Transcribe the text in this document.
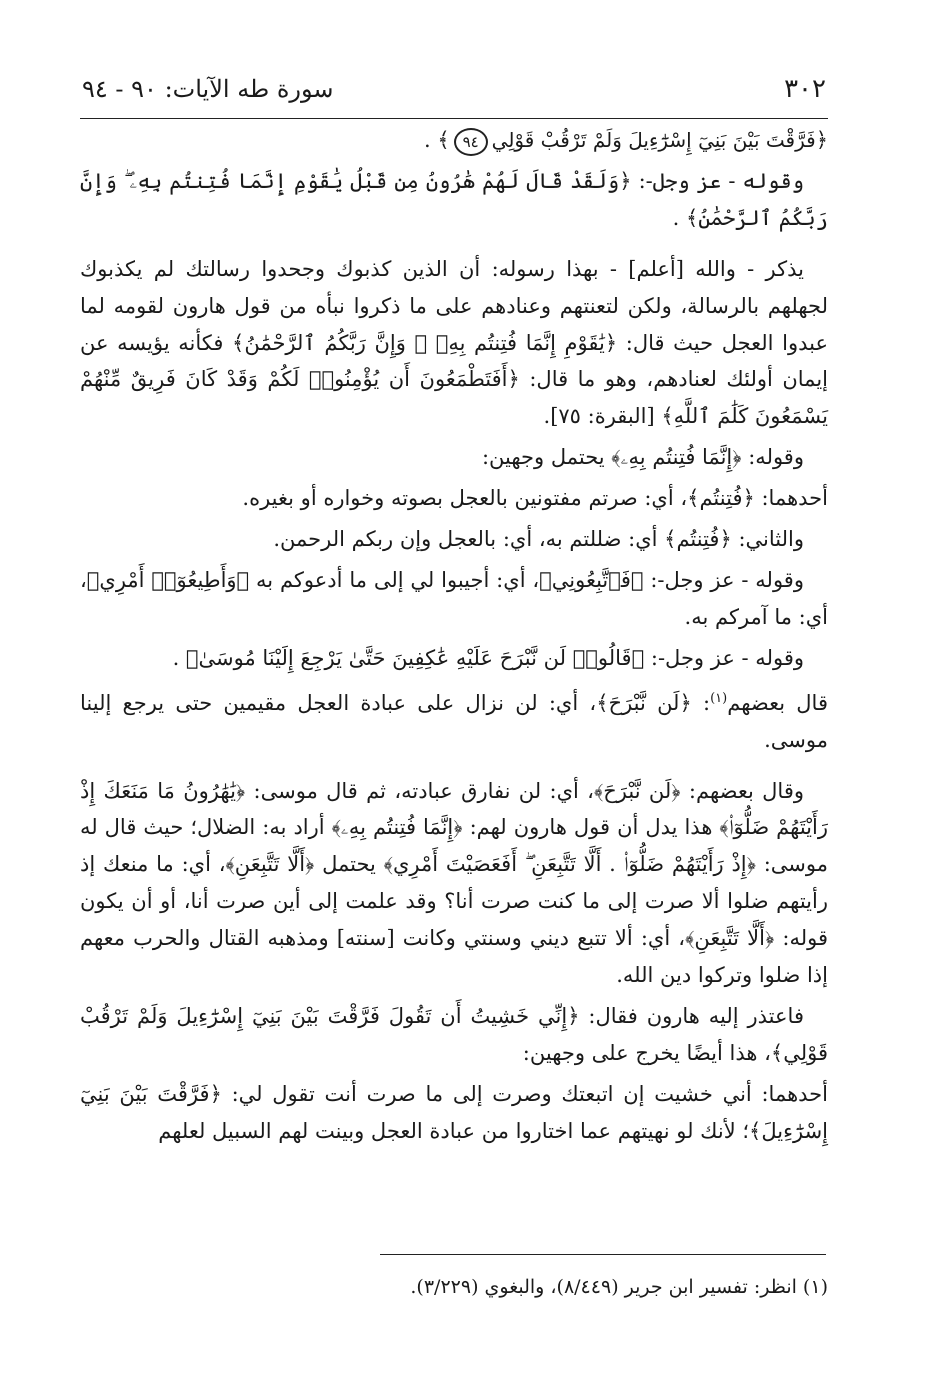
٣٠٢
سورة طه الآيات: ٩٠ - ٩٤

﴿فَرَّقْتَ بَيْنَ بَنِيٓ إِسْرَٰٓءِيلَ وَلَمْ تَرْقُبْ قَوْلِي٩٤﴾ .

وقوله - عز وجل-: ﴿وَلَقَدْ قَالَ لَهُمْ هَٰرُونُ مِن قَبْلُ يَٰقَوْمِ إِنَّمَا فُتِنتُم بِهِۦ ۖ وَإِنَّ رَبَّكُمُ ٱلرَّحْمَٰنُ﴾ .

يذكر - والله [أعلم] - بهذا رسوله: أن الذين كذبوك وجحدوا رسالتك لم يكذبوك لجهلهم بالرسالة، ولكن لتعنتهم وعنادهم على ما ذكروا نبأه من قول هارون لقومه لما عبدوا العجل حيث قال: ﴿يَٰقَوْمِ إِنَّمَا فُتِنتُم بِهِۦ ۖ وَإِنَّ رَبَّكُمُ ٱلرَّحْمَٰنُ﴾ فكأنه يؤيسه عن إيمان أولئك لعنادهم، وهو ما قال: ﴿أَفَتَطْمَعُونَ أَن يُؤْمِنُوا۟ لَكُمْ وَقَدْ كَانَ فَرِيقٌ مِّنْهُمْ يَسْمَعُونَ كَلَٰمَ ٱللَّهِ﴾ [البقرة: ٧٥].

وقوله: ﴿إِنَّمَا فُتِنتُم بِهِۦ﴾ يحتمل وجهين:

أحدهما: ﴿فُتِنتُم﴾، أي: صرتم مفتونين بالعجل بصوته وخواره أو بغيره.

والثاني: ﴿فُتِنتُم﴾ أي: ضللتم به، أي: بالعجل وإن ربكم الرحمن.

وقوله - عز وجل-: ﴿فَٱتَّبِعُونِي﴾، أي: أجيبوا لي إلى ما أدعوكم به ﴿وَأَطِيعُوٓا۟ أَمْرِي﴾، أي: ما آمركم به.

وقوله - عز وجل-: ﴿قَالُوا۟ لَن نَّبْرَحَ عَلَيْهِ عَٰكِفِينَ حَتَّىٰ يَرْجِعَ إِلَيْنَا مُوسَىٰ﴾ .

قال بعضهم$^{(١)}$: ﴿لَن نَّبْرَحَ﴾، أي: لن نزال على عبادة العجل مقيمين حتى يرجع إلينا موسى.

وقال بعضهم: ﴿لَن نَّبْرَحَ﴾، أي: لن نفارق عبادته، ثم قال موسى: ﴿يَٰهَٰرُونُ مَا مَنَعَكَ إِذْ رَأَيْتَهُمْ ضَلُّوٓا۟﴾ هذا يدل أن قول هارون لهم: ﴿إِنَّمَا فُتِنتُم بِهِۦ﴾ أراد به: الضلال؛ حيث قال له موسى: ﴿إِذْ رَأَيْتَهُمْ ضَلُّوٓا۟ . أَلَّا تَتَّبِعَنِ ۖ أَفَعَصَيْتَ أَمْرِي﴾ يحتمل ﴿أَلَّا تَتَّبِعَنِ﴾، أي: ما منعك إذ رأيتهم ضلوا ألا صرت إلى ما كنت صرت أنا؟ وقد علمت إلى أين صرت أنا، أو أن يكون قوله: ﴿أَلَّا تَتَّبِعَنِ﴾، أي: ألا تتبع ديني وسنتي وكانت [سنته] ومذهبه القتال والحرب معهم إذا ضلوا وتركوا دين الله.

فاعتذر إليه هارون فقال: ﴿إِنِّي خَشِيتُ أَن تَقُولَ فَرَّقْتَ بَيْنَ بَنِيٓ إِسْرَٰٓءِيلَ وَلَمْ تَرْقُبْ قَوْلِي﴾، هذا أيضًا يخرج على وجهين:

أحدهما: أني خشيت إن اتبعتك وصرت إلى ما صرت أنت تقول لي: ﴿فَرَّقْتَ بَيْنَ بَنِيٓ إِسْرَٰٓءِيلَ﴾؛ لأنك لو نهيتهم عما اختاروا من عبادة العجل وبينت لهم السبيل لعلهم

(١) انظر: تفسير ابن جرير (٨/٤٤٩)، والبغوي (٣/٢٢٩).
